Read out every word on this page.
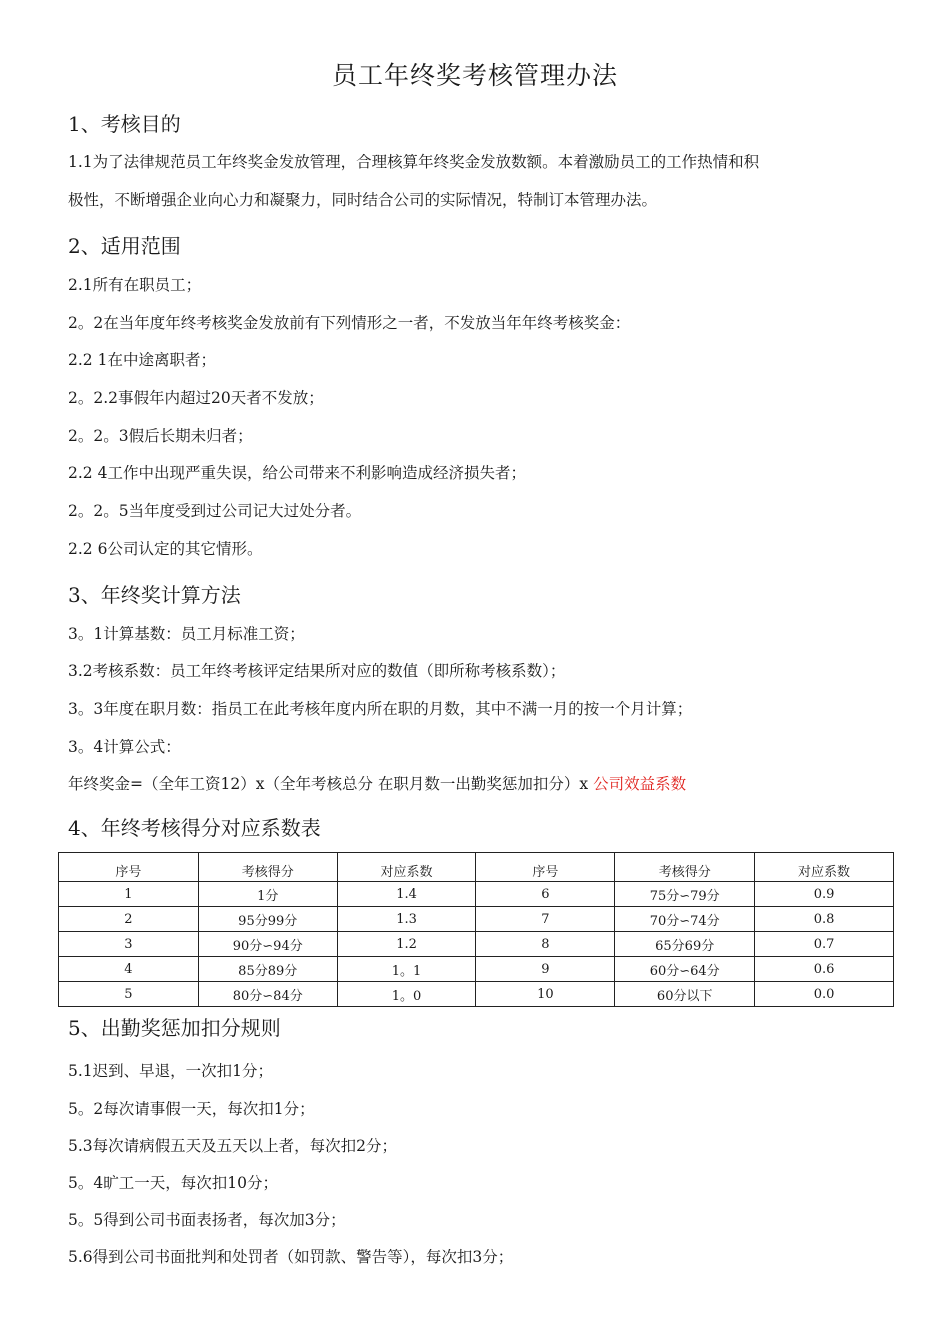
员工年终奖考核管理办法
1、考核目的
1.1为了法律规范员工年终奖金发放管理，合理核算年终奖金发放数额。本着激励员工的工作热情和积
极性，不断增强企业向心力和凝聚力，同时结合公司的实际情况，特制订本管理办法。
2、适用范围
2.1所有在职员工；
2。2在当年度年终考核奖金发放前有下列情形之一者，不发放当年年终考核奖金：
2.2 1在中途离职者；
2。2.2事假年内超过20天者不发放；
2。2。3假后长期未归者；
2.2 4工作中出现严重失误，给公司带来不利影响造成经济损失者；
2。2。5当年度受到过公司记大过处分者。
2.2 6公司认定的其它情形。
3、年终奖计算方法
3。1计算基数：员工月标准工资；
3.2考核系数：员工年终考核评定结果所对应的数值（即所称考核系数）；
3。3年度在职月数：指员工在此考核年度内所在职的月数，其中不满一月的按一个月计算；
3。4计算公式：
年终奖金=（全年工资12）x（全年考核总分 在职月数一出勤奖惩加扣分）x 公司效益系数
4、年终考核得分对应系数表
序号	考核得分	对应系数	序号	考核得分	对应系数
1	1分	1.4	6	75分∽79分	0.9
2	95分99分	1.3	7	70分∽74分	0.8
3	90分∽94分	1.2	8	65分69分	0.7
4	85分89分	1。1	9	60分∽64分	0.6
5	80分∽84分	1。0	10	60分以下	0.0
5、出勤奖惩加扣分规则
5.1迟到、早退，一次扣1分；
5。2每次请事假一天，每次扣1分；
5.3每次请病假五天及五天以上者，每次扣2分；
5。4旷工一天，每次扣10分；
5。5得到公司书面表扬者，每次加3分；
5.6得到公司书面批判和处罚者（如罚款、警告等），每次扣3分；
